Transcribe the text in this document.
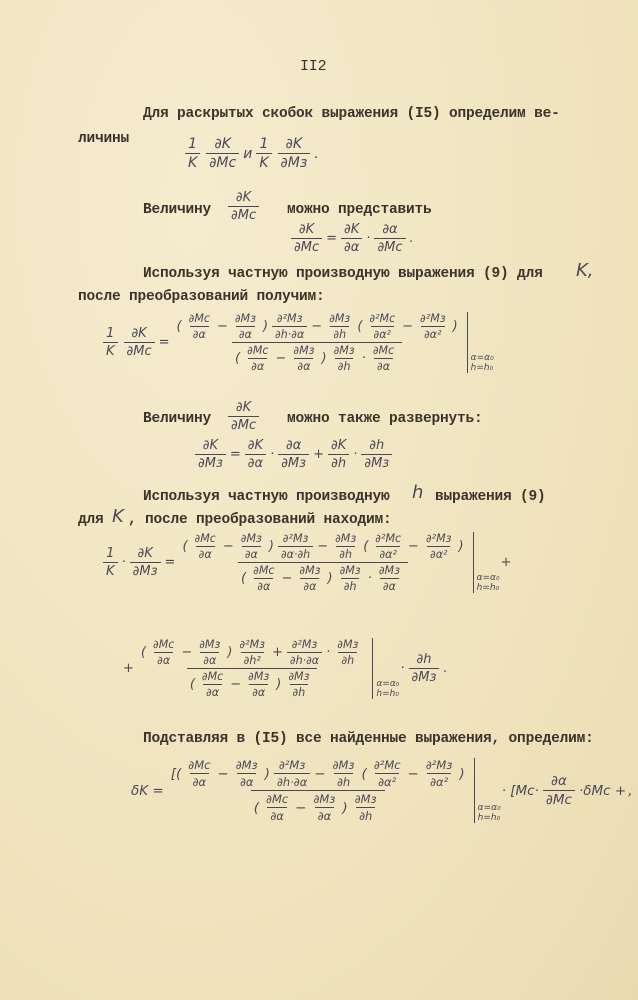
II2
Для раскрытых скобок выражения (I5) определим ве-
личины	$\frac{1}{K} \frac{\partial K}{\partial Mc}$ и $\frac{1}{K} \frac{\partial K}{\partial Mз}$ .
Величину $\frac{\partial K}{\partial Mc}$ можно представить
$\frac{\partial K}{\partial Mc} = \frac{\partial K}{\partial\alpha} \cdot \frac{\partial\alpha}{\partial Mc}$ .
Используя частную производную выражения (9) для K,
после преобразований получим:
$\frac{1}{K} \frac{\partial K}{\partial Mc} = \frac{( \frac{\partial Mc}{\partial\alpha} - \frac{\partial Mз}{\partial\alpha} ) \frac{\text{∂²Mз}}{\partial h\cdot\partial\alpha} - \frac{\partial Mз}{\partial h} ( \frac{\text{∂²Mc}}{\text{∂α²}} - \frac{\text{∂²Mз}}{\text{∂α²}} )}{( \frac{\partial Mc}{\partial\alpha} - \frac{\partial Mз}{\partial\alpha} ) \frac{\partial Mз}{\partial h} \cdot \frac{\partial Mc}{\partial\alpha}} \alpha=\alpha_0$
h=h₀
Величину $\frac{\partial K}{\partial Mc}$ можно также развернуть:
$\frac{\partial K}{\partial Mз} = \frac{\partial K}{\partial\alpha} \cdot \frac{\partial\alpha}{\partial Mз} + \frac{\partial K}{\partial h} \cdot \frac{\partial h}{\partial Mз}$
Используя частную производную h выражения (9)
для K , после преобразований находим:
$\frac{1}{K} \cdot \frac{\partial K}{\partial Mз} = \frac{( \frac{\partial Mc}{\partial\alpha} - \frac{\partial Mз}{\partial\alpha} ) \frac{\text{∂²Mз}}{\partial\alpha\cdot\partial h} - \frac{\partial Mз}{\partial h} ( \frac{\text{∂²Mc}}{\text{∂α²}} - \frac{\text{∂²Mз}}{\text{∂α²}} )}{( \frac{\partial Mc}{\partial\alpha} - \frac{\partial Mз}{\partial\alpha} ) \frac{\partial Mз}{\partial h} \cdot \frac{\partial Mз}{\partial\alpha}} \alpha=\alpha_0$
h=h₀
+
+ $\frac{( \frac{\partial Mc}{\partial\alpha} - \frac{\partial Mз}{\partial\alpha} ) \frac{\text{∂²Mз}}{\text{∂h²}} + \frac{\text{∂²Mз}}{\partial h\cdot\partial\alpha} \cdot \frac{\partial Mз}{\partial h}}{( \frac{\partial Mc}{\partial\alpha} - \frac{\partial Mз}{\partial\alpha} ) \frac{\partial Mз}{\partial h}} \alpha=\alpha_0$
h=h₀
· $\frac{\partial h}{\partial Mз}$ .
Подставляя в (I5) все найденные выражения, определим:
$\delta K = \frac{[( \frac{\partial Mc}{\partial\alpha} - \frac{\partial Mз}{\partial\alpha} ) \frac{\text{∂²Mз}}{\partial h\cdot\partial\alpha} - \frac{\partial Mз}{\partial h} ( \frac{\text{∂²Mc}}{\text{∂α²}} - \frac{\text{∂²Mз}}{\text{∂α²}} )}{( \frac{\partial Mc}{\partial\alpha} - \frac{\partial Mз}{\partial\alpha} ) \frac{\partial Mз}{\partial h}} \alpha=\alpha_0$
h=h₀
· [$Mc\cdot \frac{\partial\alpha}{\partial Mc} \cdot\delta Mc$ + ,
